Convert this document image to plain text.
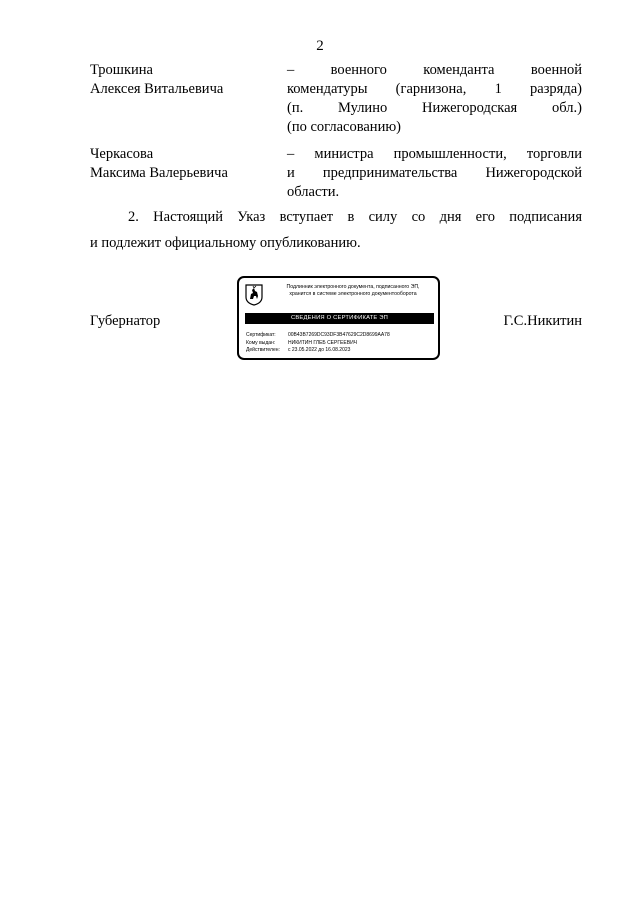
2
Трошкина
Алексея Витальевича
– военного коменданта военной
комендатуры (гарнизона, 1 разряда)
(п. Мулино Нижегородская обл.)
(по согласованию)
Черкасова
Максима Валерьевича
– министра промышленности, торговли
и предпринимательства Нижегородской
области.
2. Настоящий Указ вступает в силу со дня его подписания
и подлежит официальному опубликованию.
Губернатор
Подлинник электронного документа, подписанного ЭП,
хранится в системе электронного документооборота
СВЕДЕНИЯ О СЕРТИФИКАТЕ ЭП
Сертификат: 00B43B7269DC93DF3B47629C2D8699AA78
Кому выдан:	НИКИТИН ГЛЕБ СЕРГЕЕВИЧ
Действителен: с 23.05.2022 до 16.08.2023
Г.С.Никитин
